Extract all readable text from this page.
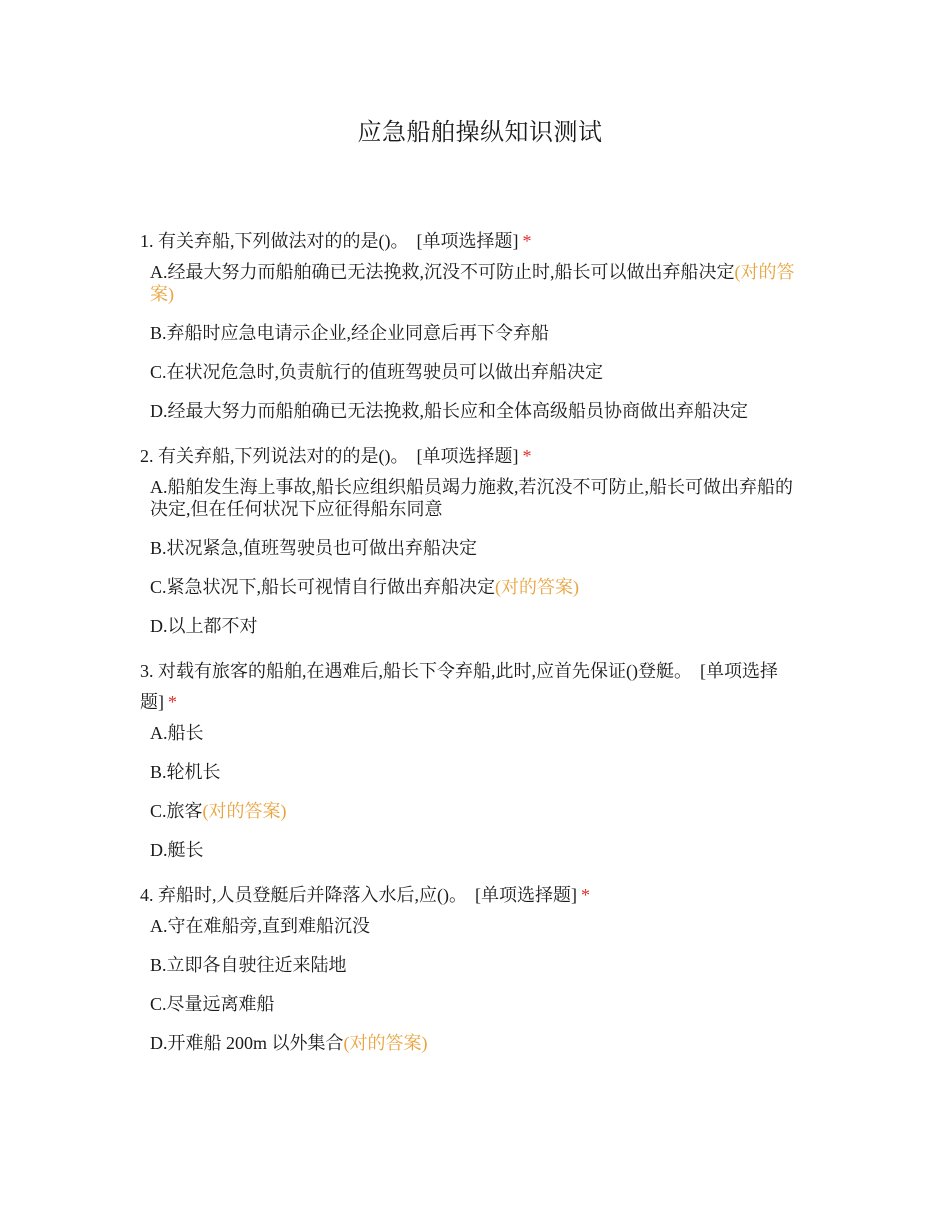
应急船舶操纵知识测试
1. 有关弃船,下列做法对的的是()。 [单项选择题] *
A.经最大努力而船舶确已无法挽救,沉没不可防止时,船长可以做出弃船决定(对的答案)
B.弃船时应急电请示企业,经企业同意后再下令弃船
C.在状况危急时,负责航行的值班驾驶员可以做出弃船决定
D.经最大努力而船舶确已无法挽救,船长应和全体高级船员协商做出弃船决定
2. 有关弃船,下列说法对的的是()。 [单项选择题] *
A.船舶发生海上事故,船长应组织船员竭力施救,若沉没不可防止,船长可做出弃船的决定,但在任何状况下应征得船东同意
B.状况紧急,值班驾驶员也可做出弃船决定
C.紧急状况下,船长可视情自行做出弃船决定(对的答案)
D.以上都不对
3. 对载有旅客的船舶,在遇难后,船长下令弃船,此时,应首先保证()登艇。 [单项选择题] *
A.船长
B.轮机长
C.旅客(对的答案)
D.艇长
4. 弃船时,人员登艇后并降落入水后,应()。 [单项选择题] *
A.守在难船旁,直到难船沉没
B.立即各自驶往近来陆地
C.尽量远离难船
D.开难船 200m 以外集合(对的答案)
